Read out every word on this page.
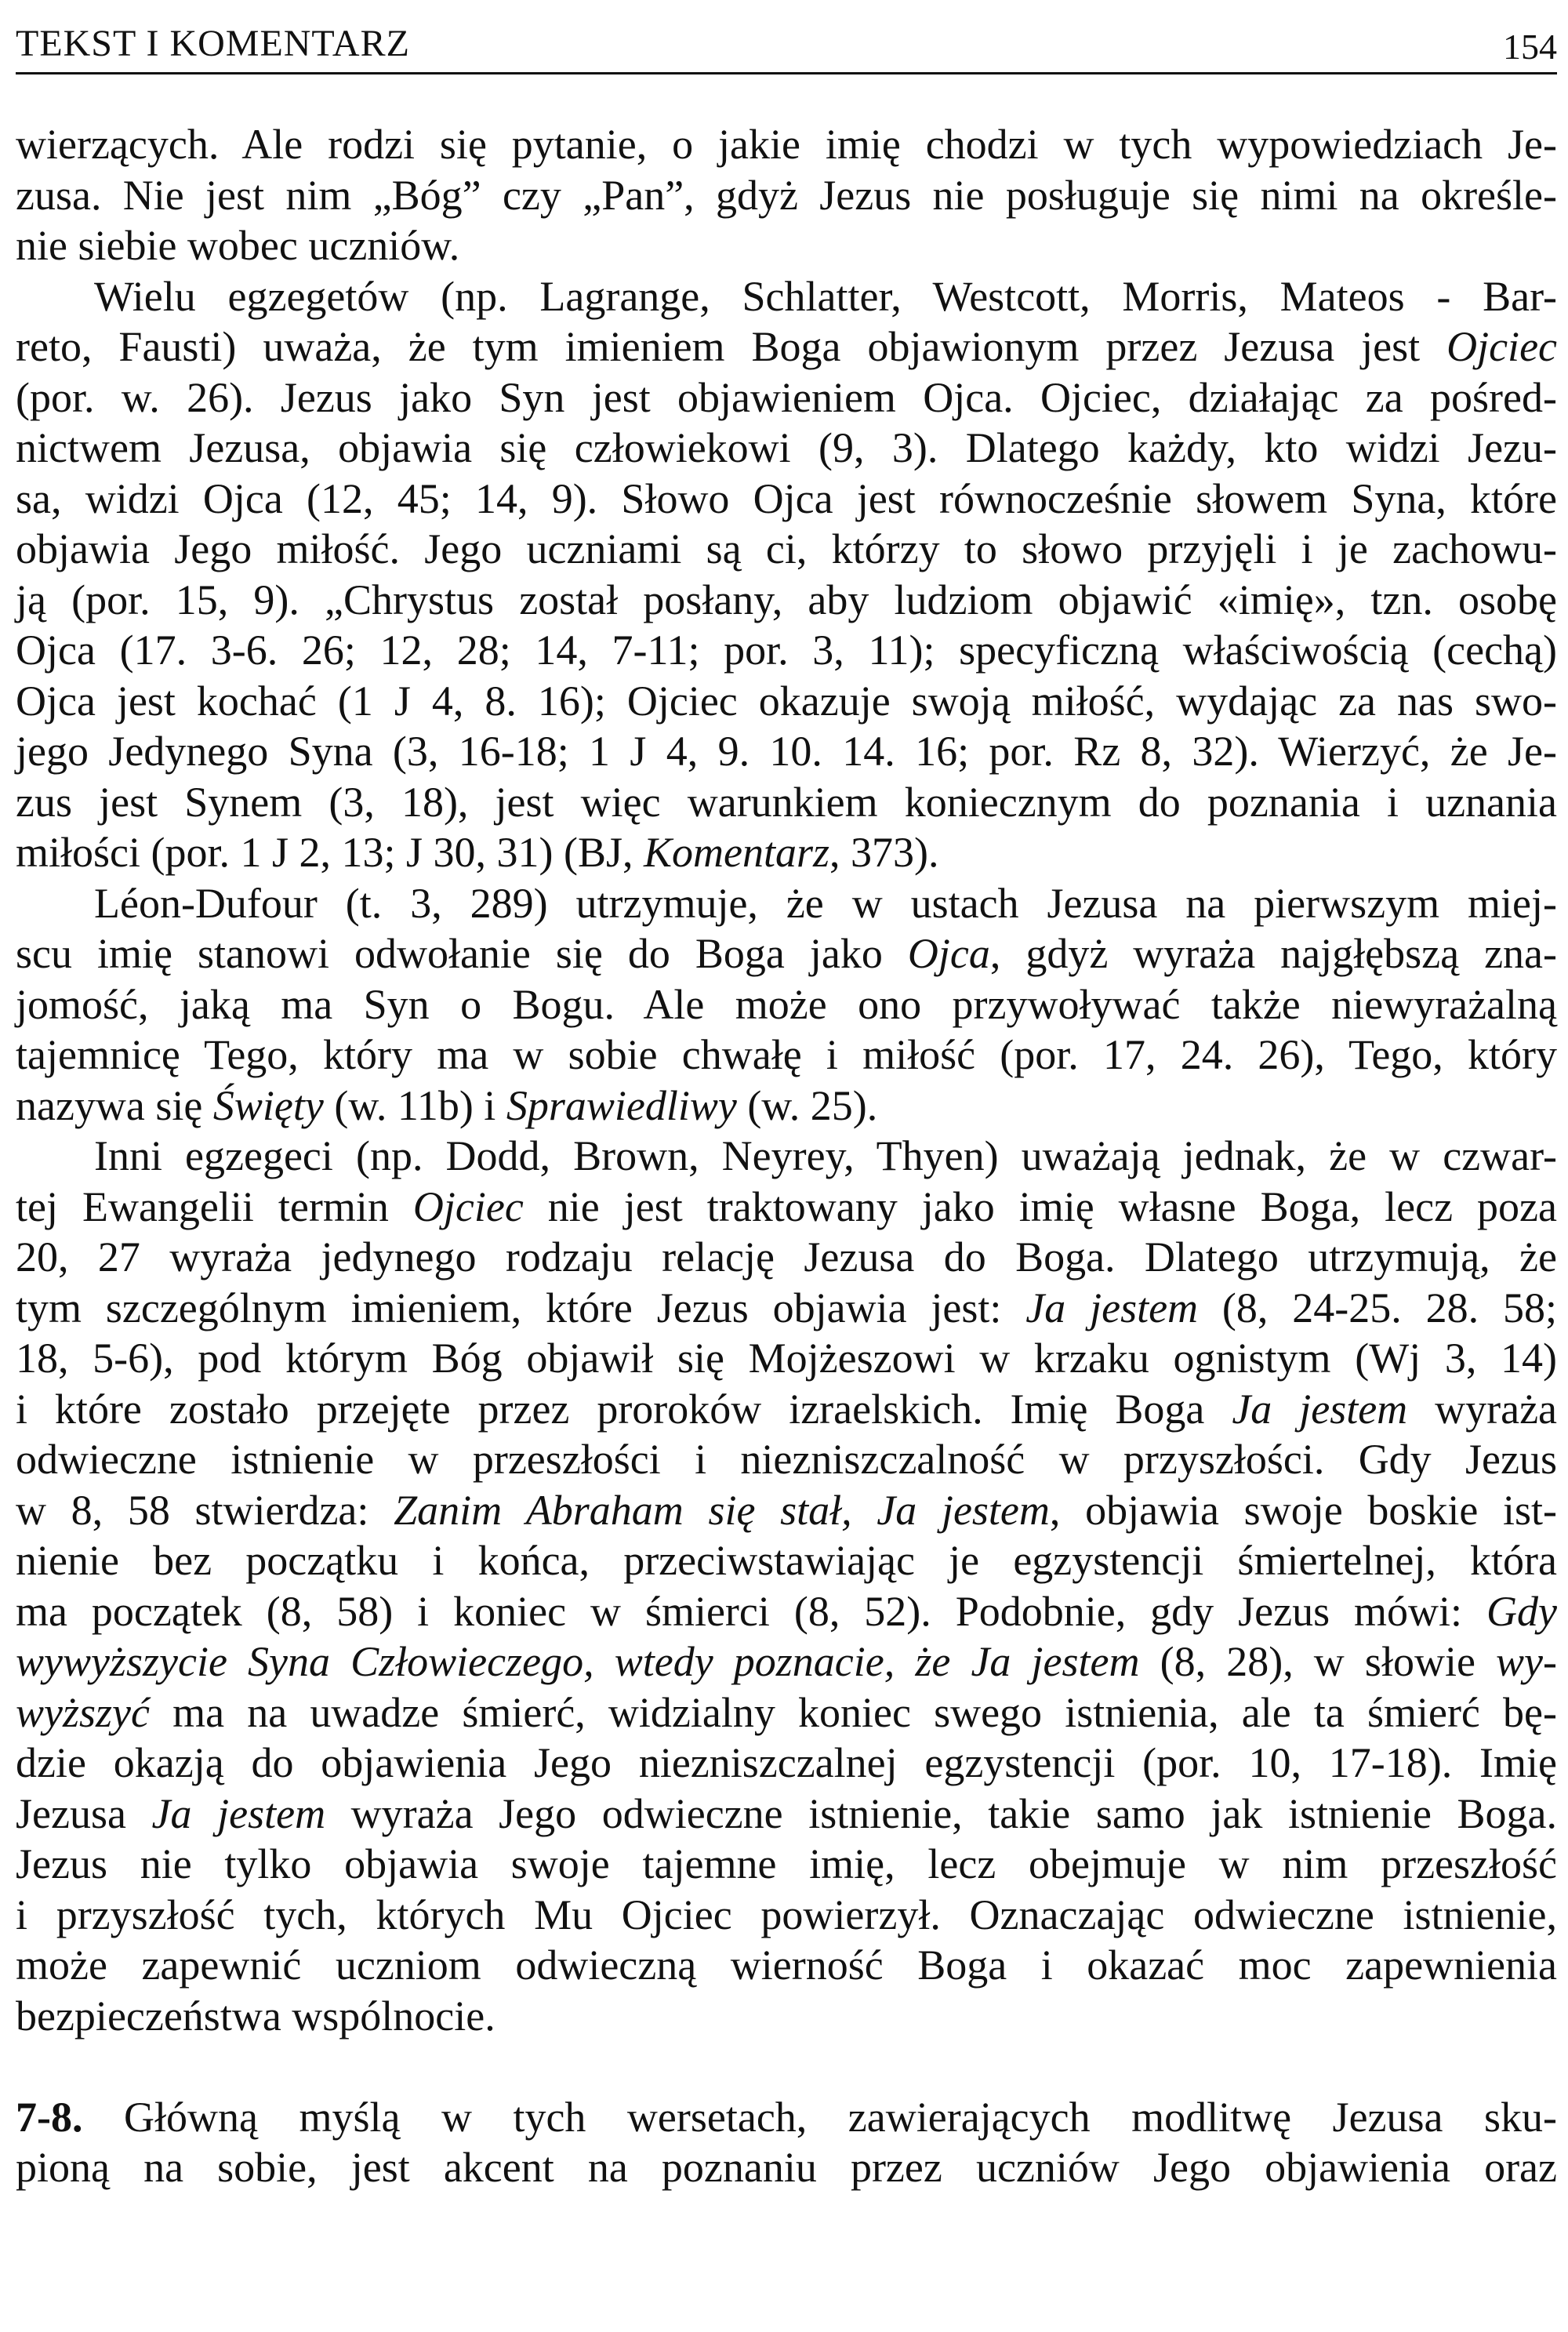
TEKST I KOMENTARZ	154
wierzących. Ale rodzi się pytanie, o jakie imię chodzi w tych wypowiedziach Je-
zusa. Nie jest nim „Bóg” czy „Pan”, gdyż Jezus nie posługuje się nimi na określe-
nie siebie wobec uczniów.
Wielu egzegetów (np. Lagrange, Schlatter, Westcott, Morris, Mateos - Bar-
reto, Fausti) uważa, że tym imieniem Boga objawionym przez Jezusa jest Ojciec
(por. w. 26). Jezus jako Syn jest objawieniem Ojca. Ojciec, działając za pośred-
nictwem Jezusa, objawia się człowiekowi (9, 3). Dlatego każdy, kto widzi Jezu-
sa, widzi Ojca (12, 45; 14, 9). Słowo Ojca jest równocześnie słowem Syna, które
objawia Jego miłość. Jego uczniami są ci, którzy to słowo przyjęli i je zachowu-
ją (por. 15, 9). „Chrystus został posłany, aby ludziom objawić «imię», tzn. osobę
Ojca (17. 3-6. 26; 12, 28; 14, 7-11; por. 3, 11); specyficzną właściwością (cechą)
Ojca jest kochać (1 J 4, 8. 16); Ojciec okazuje swoją miłość, wydając za nas swo-
jego Jedynego Syna (3, 16-18; 1 J 4, 9. 10. 14. 16; por. Rz 8, 32). Wierzyć, że Je-
zus jest Synem (3, 18), jest więc warunkiem koniecznym do poznania i uznania
miłości (por. 1 J 2, 13; J 30, 31) (BJ, Komentarz, 373).
Léon-Dufour (t. 3, 289) utrzymuje, że w ustach Jezusa na pierwszym miej-
scu imię stanowi odwołanie się do Boga jako Ojca, gdyż wyraża najgłębszą zna-
jomość, jaką ma Syn o Bogu. Ale może ono przywoływać także niewyrażalną
tajemnicę Tego, który ma w sobie chwałę i miłość (por. 17, 24. 26), Tego, który
nazywa się Święty (w. 11b) i Sprawiedliwy (w. 25).
Inni egzegeci (np. Dodd, Brown, Neyrey, Thyen) uważają jednak, że w czwar-
tej Ewangelii termin Ojciec nie jest traktowany jako imię własne Boga, lecz poza
20, 27 wyraża jedynego rodzaju relację Jezusa do Boga. Dlatego utrzymują, że
tym szczególnym imieniem, które Jezus objawia jest: Ja jestem (8, 24-25. 28. 58;
18, 5-6), pod którym Bóg objawił się Mojżeszowi w krzaku ognistym (Wj 3, 14)
i które zostało przejęte przez proroków izraelskich. Imię Boga Ja jestem wyraża
odwieczne istnienie w przeszłości i niezniszczalność w przyszłości. Gdy Jezus
w 8, 58 stwierdza: Zanim Abraham się stał, Ja jestem, objawia swoje boskie ist-
nienie bez początku i końca, przeciwstawiając je egzystencji śmiertelnej, która
ma początek (8, 58) i koniec w śmierci (8, 52). Podobnie, gdy Jezus mówi: Gdy
wywyższycie Syna Człowieczego, wtedy poznacie, że Ja jestem (8, 28), w słowie wy-
wyższyć ma na uwadze śmierć, widzialny koniec swego istnienia, ale ta śmierć bę-
dzie okazją do objawienia Jego niezniszczalnej egzystencji (por. 10, 17-18). Imię
Jezusa Ja jestem wyraża Jego odwieczne istnienie, takie samo jak istnienie Boga.
Jezus nie tylko objawia swoje tajemne imię, lecz obejmuje w nim przeszłość
i przyszłość tych, których Mu Ojciec powierzył. Oznaczając odwieczne istnienie,
może zapewnić uczniom odwieczną wierność Boga i okazać moc zapewnienia
bezpieczeństwa wspólnocie.
7-8. Główną myślą w tych wersetach, zawierających modlitwę Jezusa sku-
pioną na sobie, jest akcent na poznaniu przez uczniów Jego objawienia oraz
